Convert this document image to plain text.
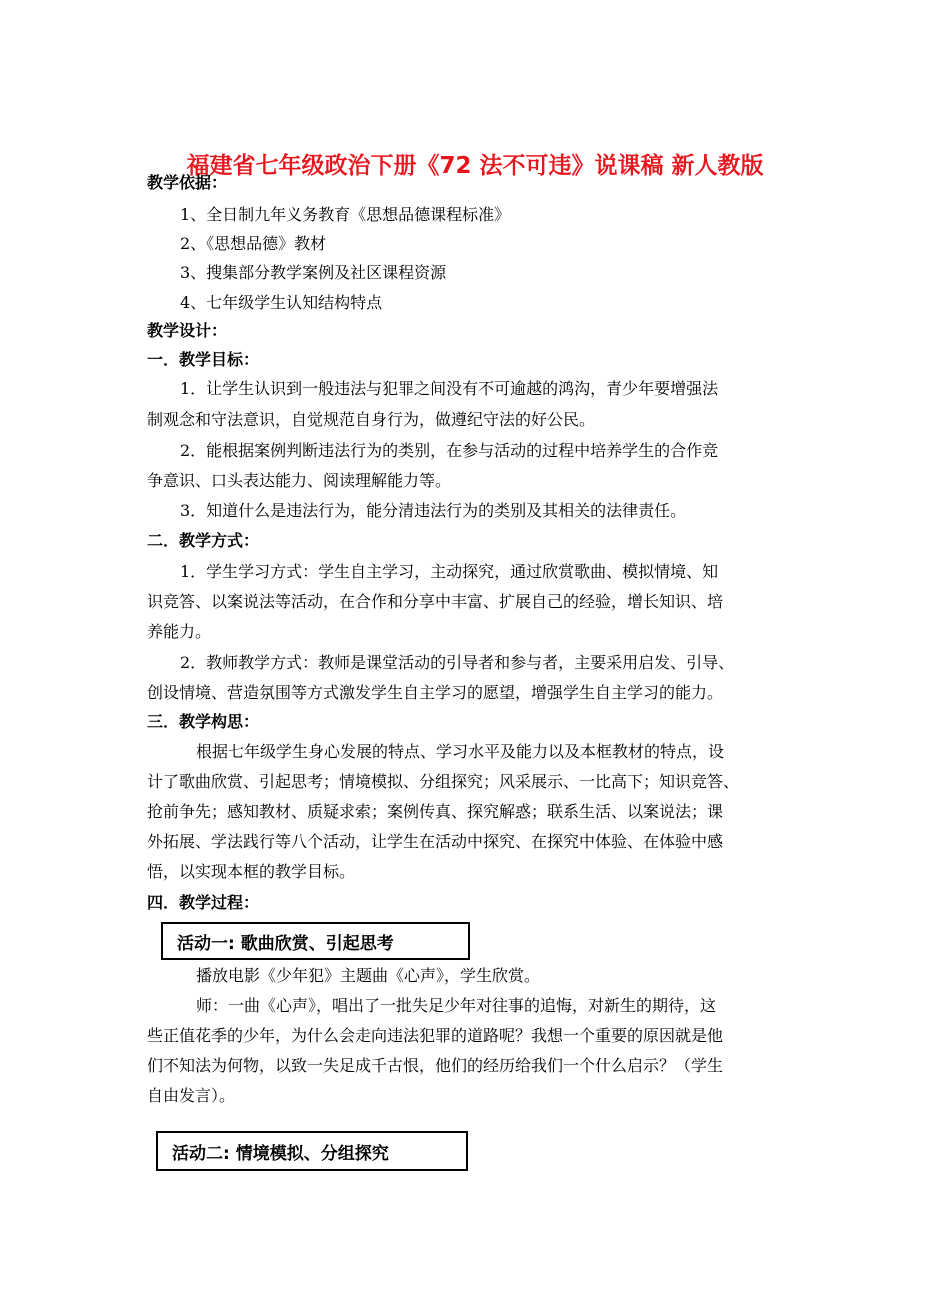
福建省七年级政治下册《72 法不可违》说课稿 新人教版
教学依据：
1、全日制九年义务教育《思想品德课程标准》
2、《思想品德》教材
3、搜集部分教学案例及社区课程资源
4、七年级学生认知结构特点
教学设计：
一．教学目标：
1．让学生认识到一般违法与犯罪之间没有不可逾越的鸿沟，青少年要增强法
制观念和守法意识，自觉规范自身行为，做遵纪守法的好公民。
2．能根据案例判断违法行为的类别，在参与活动的过程中培养学生的合作竞
争意识、口头表达能力、阅读理解能力等。
3．知道什么是违法行为，能分清违法行为的类别及其相关的法律责任。
二．教学方式：
1．学生学习方式：学生自主学习，主动探究，通过欣赏歌曲、模拟情境、知
识竞答、以案说法等活动，在合作和分享中丰富、扩展自己的经验，增长知识、培
养能力。
2．教师教学方式：教师是课堂活动的引导者和参与者，主要采用启发、引导、
创设情境、营造氛围等方式激发学生自主学习的愿望，增强学生自主学习的能力。
三．教学构思：
根据七年级学生身心发展的特点、学习水平及能力以及本框教材的特点，设
计了歌曲欣赏、引起思考；情境模拟、分组探究；风采展示、一比高下；知识竞答、
抢前争先；感知教材、质疑求索；案例传真、探究解惑；联系生活、以案说法；课
外拓展、学法践行等八个活动，让学生在活动中探究、在探究中体验、在体验中感
悟，以实现本框的教学目标。
四．教学过程：
活动一: 歌曲欣赏、引起思考
播放电影《少年犯》主题曲《心声》，学生欣赏。
师：一曲《心声》，唱出了一批失足少年对往事的追悔，对新生的期待，这
些正值花季的少年，为什么会走向违法犯罪的道路呢？我想一个重要的原因就是他
们不知法为何物，以致一失足成千古恨，他们的经历给我们一个什么启示？（学生
自由发言）。
活动二: 情境模拟、分组探究
